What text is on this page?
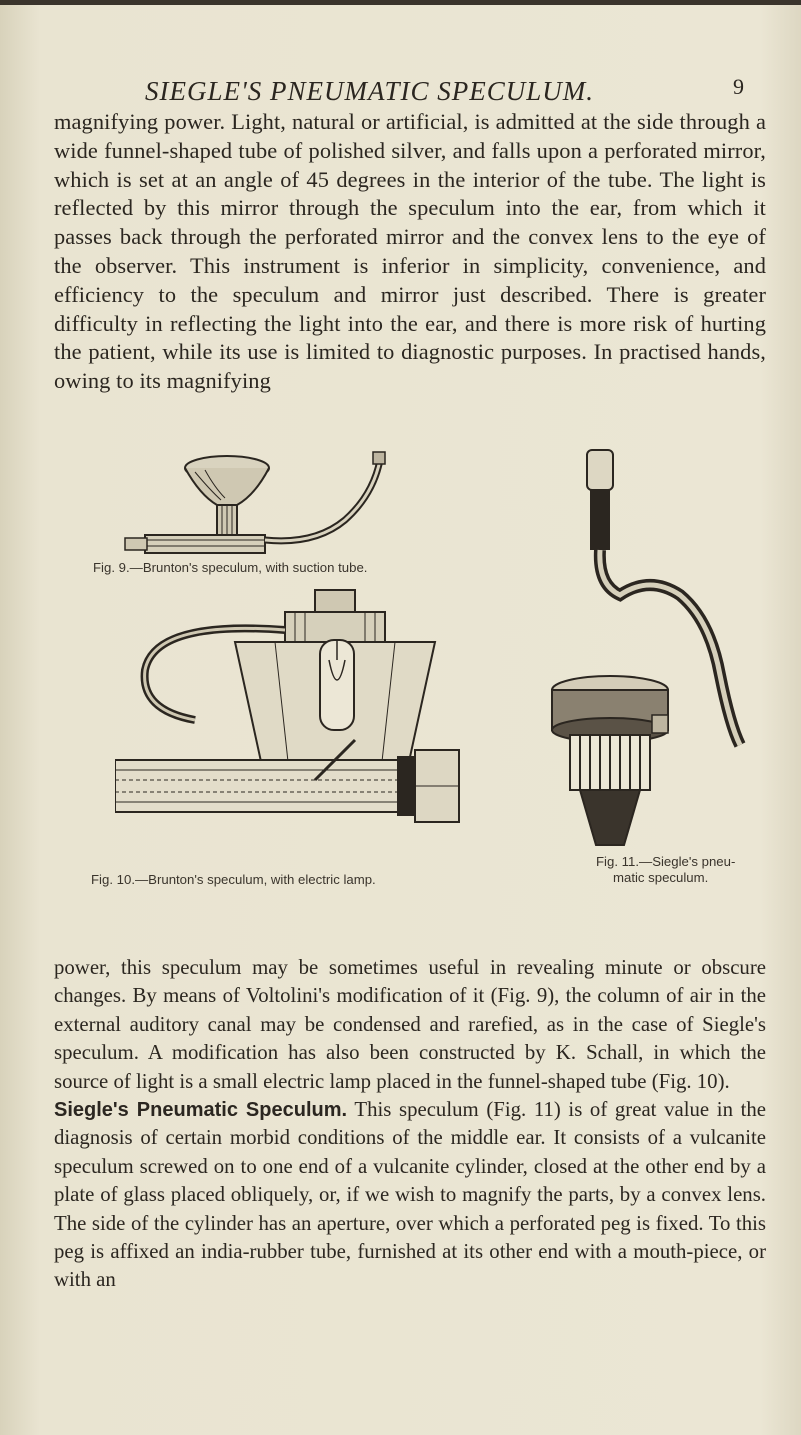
SIEGLE'S PNEUMATIC SPECULUM.	9
magnifying power. Light, natural or artificial, is admitted at the side through a wide funnel-shaped tube of polished silver, and falls upon a perforated mirror, which is set at an angle of 45 degrees in the interior of the tube. The light is reflected by this mirror through the speculum into the ear, from which it passes back through the perforated mirror and the convex lens to the eye of the observer. This instrument is inferior in simplicity, convenience, and efficiency to the speculum and mirror just described. There is greater difficulty in reflecting the light into the ear, and there is more risk of hurting the patient, while its use is limited to diagnostic purposes. In practised hands, owing to its magnifying
Fig. 9.—Brunton's speculum, with suction tube.
Fig. 10.—Brunton's speculum, with electric lamp.
Fig. 11.—Siegle's pneu-
matic speculum.

power, this speculum may be sometimes useful in revealing minute or obscure changes. By means of Voltolini's modification of it (Fig. 9), the column of air in the external auditory canal may be condensed and rarefied, as in the case of Siegle's speculum. A modification has also been constructed by K. Schall, in which the source of light is a small electric lamp placed in the funnel-shaped tube (Fig. 10).

Siegle's Pneumatic Speculum. This speculum (Fig. 11) is of great value in the diagnosis of certain morbid conditions of the middle ear. It consists of a vulcanite speculum screwed on to one end of a vulcanite cylinder, closed at the other end by a plate of glass placed obliquely, or, if we wish to magnify the parts, by a convex lens. The side of the cylinder has an aperture, over which a perforated peg is fixed. To this peg is affixed an india-rubber tube, furnished at its other end with a mouth-piece, or with an
